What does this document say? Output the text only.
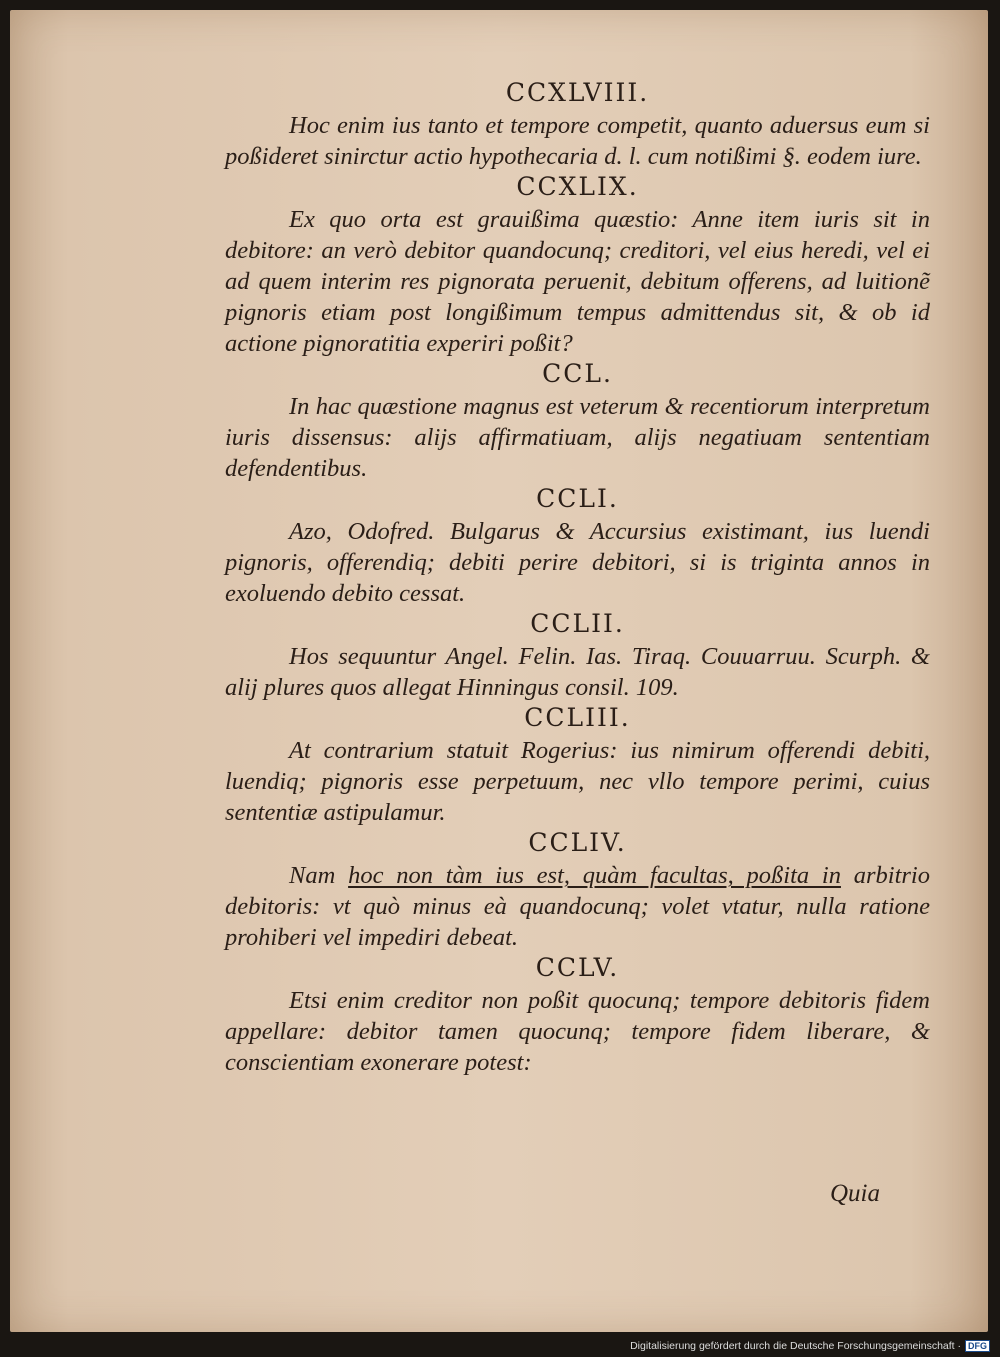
CCXLVIII.

Hoc enim ius tanto et tempore competit, quanto aduersus eum si poßideret sinirctur actio hypothecaria d. l. cum notißimi §. eodem iure.

CCXLIX.

Ex quo orta est grauißima quæstio: Anne item iuris sit in debitore: an verò debitor quandocunq; creditori, vel eius heredi, vel ei ad quem interim res pignorata peruenit, debitum offerens, ad luitionẽ pignoris etiam post longißimum tempus admittendus sit, & ob id actione pignoratitia experiri poßit?

CCL.

In hac quæstione magnus est veterum & recentiorum interpretum iuris dissensus: alijs affirmatiuam, alijs negatiuam sententiam defendentibus.

CCLI.

Azo, Odofred. Bulgarus & Accursius existimant, ius luendi pignoris, offerendiq; debiti perire debitori, si is triginta annos in exoluendo debito cessat.

CCLII.

Hos sequuntur Angel. Felin. Ias. Tiraq. Couuarruu. Scurph. & alij plures quos allegat Hinningus consil. 109.

CCLIII.

At contrarium statuit Rogerius: ius nimirum offerendi debiti, luendiq; pignoris esse perpetuum, nec vllo tempore perimi, cuius sententiæ astipulamur.

CCLIV.

Nam hoc non tàm ius est, quàm facultas, poßita in arbitrio debitoris: vt quò minus eà quandocunq; volet vtatur, nulla ratione prohiberi vel impediri debeat.

CCLV.

Etsi enim creditor non poßit quocunq; tempore debitoris fidem appellare: debitor tamen quocunq; tempore fidem liberare, & conscientiam exonerare potest:

Quia
Digitalisierung gefördert durch die Deutsche Forschungsgemeinschaft · DFG
